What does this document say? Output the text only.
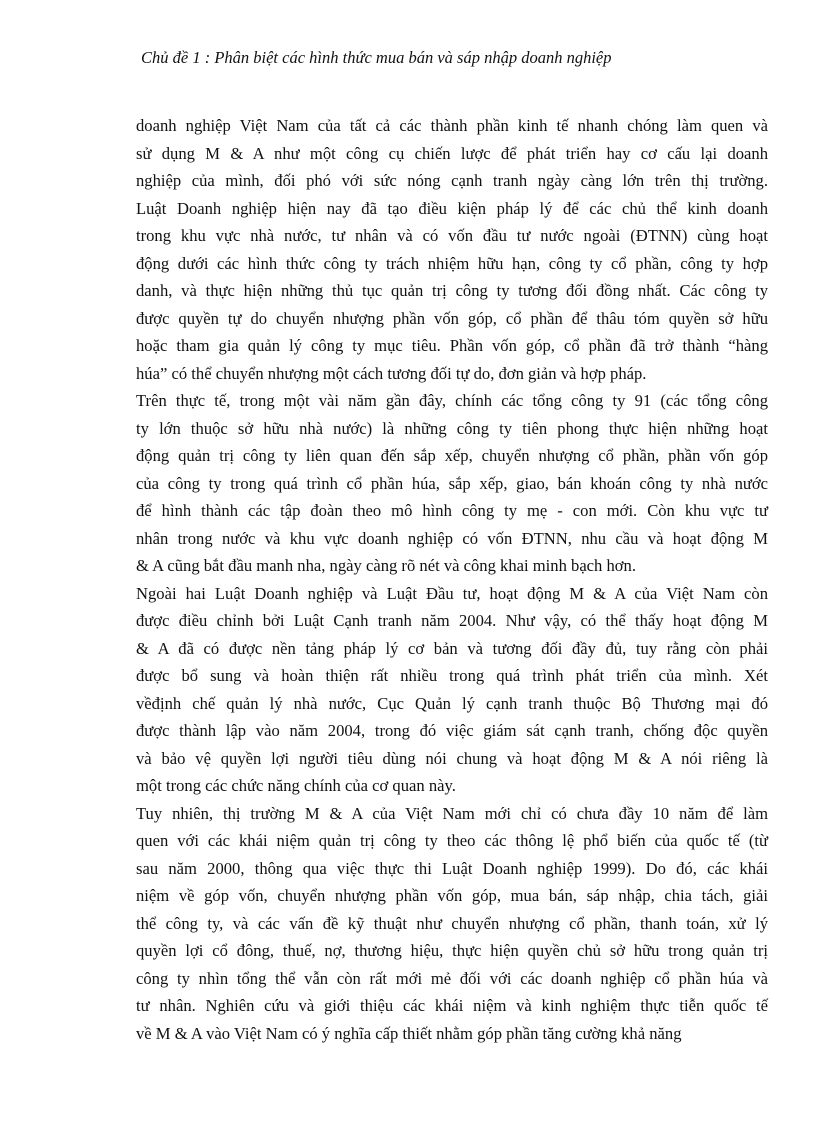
Chủ đề 1 : Phân biệt các hình thức mua bán và sáp nhập doanh nghiệp
doanh nghiệp Việt Nam của tất cả các thành phần kinh tế nhanh chóng làm quen và
sử dụng M & A như một công cụ chiến lược để phát triển hay cơ cấu lại doanh
nghiệp của mình, đối phó với sức nóng cạnh tranh ngày càng lớn trên thị trường.
Luật Doanh nghiệp hiện nay đã tạo điều kiện pháp lý để các chủ thể kinh doanh
trong khu vực nhà nước, tư nhân và có vốn đầu tư nước ngoài (ĐTNN) cùng hoạt
động dưới các hình thức công ty trách nhiệm hữu hạn, công ty cổ phần, công ty hợp
danh, và thực hiện những thủ tục quản trị công ty tương đối đồng nhất. Các công ty
được quyền tự do chuyển nhượng phần vốn góp, cổ phần để thâu tóm quyền sở hữu
hoặc tham gia quản lý công ty mục tiêu. Phần vốn góp, cổ phần đã trở thành “hàng
húa” có thể chuyển nhượng một cách tương đối tự do, đơn giản và hợp pháp.
Trên thực tế, trong một vài năm gần đây, chính các tổng công ty 91 (các tổng công
ty lớn thuộc sở hữu nhà nước) là những công ty tiên phong thực hiện những hoạt
động quản trị công ty liên quan đến sắp xếp, chuyển nhượng cổ phần, phần vốn góp
của công ty trong quá trình cổ phần húa, sắp xếp, giao, bán khoán công ty nhà nước
để hình thành các tập đoàn theo mô hình công ty mẹ - con mới. Còn khu vực tư
nhân trong nước và khu vực doanh nghiệp có vốn ĐTNN, nhu cầu và hoạt động M
& A cũng bắt đầu manh nha, ngày càng rõ nét và công khai minh bạch hơn.
Ngoài hai Luật Doanh nghiệp và Luật Đầu tư, hoạt động M & A của Việt Nam còn
được điều chỉnh bởi Luật Cạnh tranh năm 2004. Như vậy, có thể thấy hoạt động M
& A đã có được nền tảng pháp lý cơ bản và tương đối đầy đủ, tuy rằng còn phải
được bổ sung và hoàn thiện rất nhiều trong quá trình phát triển của mình. Xét
vềđịnh chế quản lý nhà nước, Cục Quản lý cạnh tranh thuộc Bộ Thương mại đó
được thành lập vào năm 2004, trong đó việc giám sát cạnh tranh, chống độc quyền
và bảo vệ quyền lợi người tiêu dùng nói chung và hoạt động M & A nói riêng là
một trong các chức năng chính của cơ quan này.
Tuy nhiên, thị trường M & A của Việt Nam mới chỉ có chưa đầy 10 năm để làm
quen với các khái niệm quản trị công ty theo các thông lệ phổ biến của quốc tế (từ
sau năm 2000, thông qua việc thực thi Luật Doanh nghiệp 1999). Do đó, các khái
niệm về góp vốn, chuyển nhượng phần vốn góp, mua bán, sáp nhập, chia tách, giải
thể công ty, và các vấn đề kỹ thuật như chuyển nhượng cổ phần, thanh toán, xử lý
quyền lợi cổ đông, thuế, nợ, thương hiệu, thực hiện quyền chủ sở hữu trong quản trị
công ty nhìn tổng thể vẫn còn rất mới mẻ đối với các doanh nghiệp cổ phần húa và
tư nhân. Nghiên cứu và giới thiệu các khái niệm và kinh nghiệm thực tiễn quốc tế
về M & A vào Việt Nam có ý nghĩa cấp thiết nhằm góp phần tăng cường khả năng
